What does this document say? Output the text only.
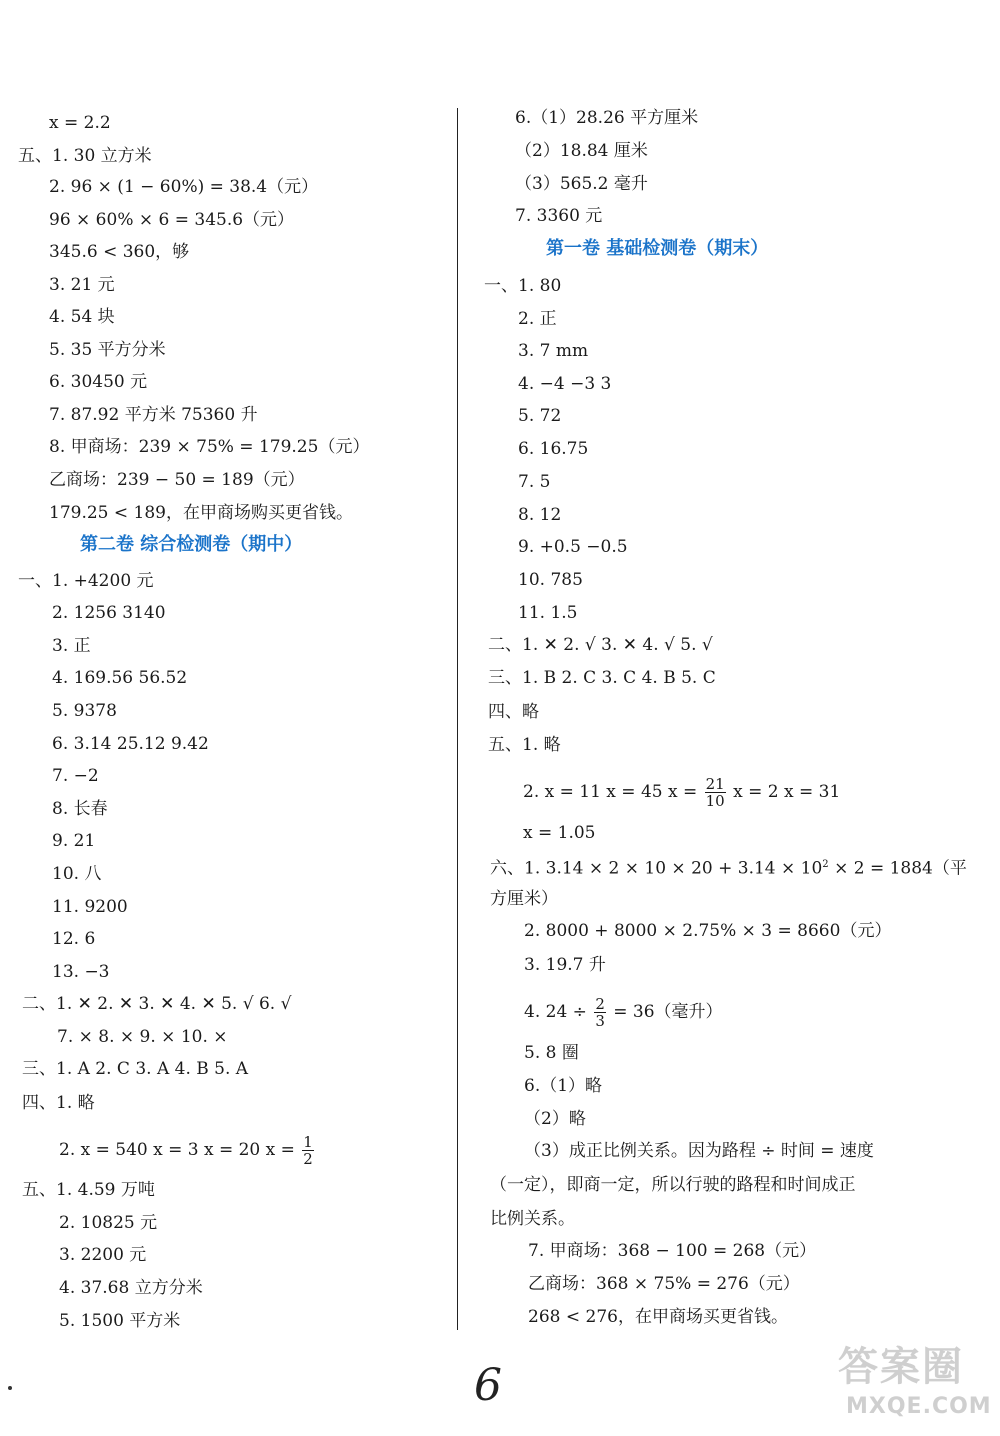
x = 2.2
五、1. 30 立方米
2. 96 × (1 − 60%) = 38.4（元）
96 × 60% × 6 = 345.6（元）
345.6 < 360，够
3. 21 元
4. 54 块
5. 35 平方分米
6. 30450 元
7. 87.92 平方米 75360 升
8. 甲商场：239 × 75% = 179.25（元）
乙商场：239 − 50 = 189（元）
179.25 < 189，在甲商场购买更省钱。
第二卷 综合检测卷（期中）
一、1. +4200 元
2. 1256 3140
3. 正
4. 169.56 56.52
5. 9378
6. 3.14 25.12 9.42
7. −2
8. 长春
9. 21
10. 八
11. 9200
12. 6
13. −3
二、1. ✕ 2. ✕ 3. ✕ 4. ✕ 5. √ 6. √
7. × 8. × 9. × 10. ×
三、1. A 2. C 3. A 4. B 5. A
四、1. 略
2. x = 540 x = 3 x = 20 $x = \frac{1}{2}$
五、1. 4.59 万吨
2. 10825 元
3. 2200 元
4. 37.68 立方分米
5. 1500 平方米
6.（1）28.26 平方厘米
（2）18.84 厘米
（3）565.2 毫升
7. 3360 元
第一卷 基础检测卷（期末）
一、1. 80
2. 正
3. 7 mm
4. −4 −3 3
5. 72
6. 16.75
7. 5
8. 12
9. +0.5 −0.5
10. 785
11. 1.5
二、1. ✕ 2. √ 3. ✕ 4. √ 5. √
三、1. B 2. C 3. C 4. B 5. C
四、略
五、1. 略
2. x = 11 x = 45 $x = \frac{21}{10}$ x = 2 x = 31
x = 1.05
六、1. $3.14 \times 2 \times 10 \times 20 + 3.14 \times 10^2 \times 2 = 1884$（平
方厘米）
2. 8000 + 8000 × 2.75% × 3 = 8660（元）
3. 19.7 升
4. $24 \div \frac{2}{3} = 36$（毫升）
5. 8 圈
6.（1）略
（2）略
（3）成正比例关系。因为路程 ÷ 时间 = 速度
（一定），即商一定，所以行驶的路程和时间成正
比例关系。
7. 甲商场：368 − 100 = 268（元）
乙商场：368 × 75% = 276（元）
268 < 276，在甲商场买更省钱。
6	答案圈
MXQE.COM
